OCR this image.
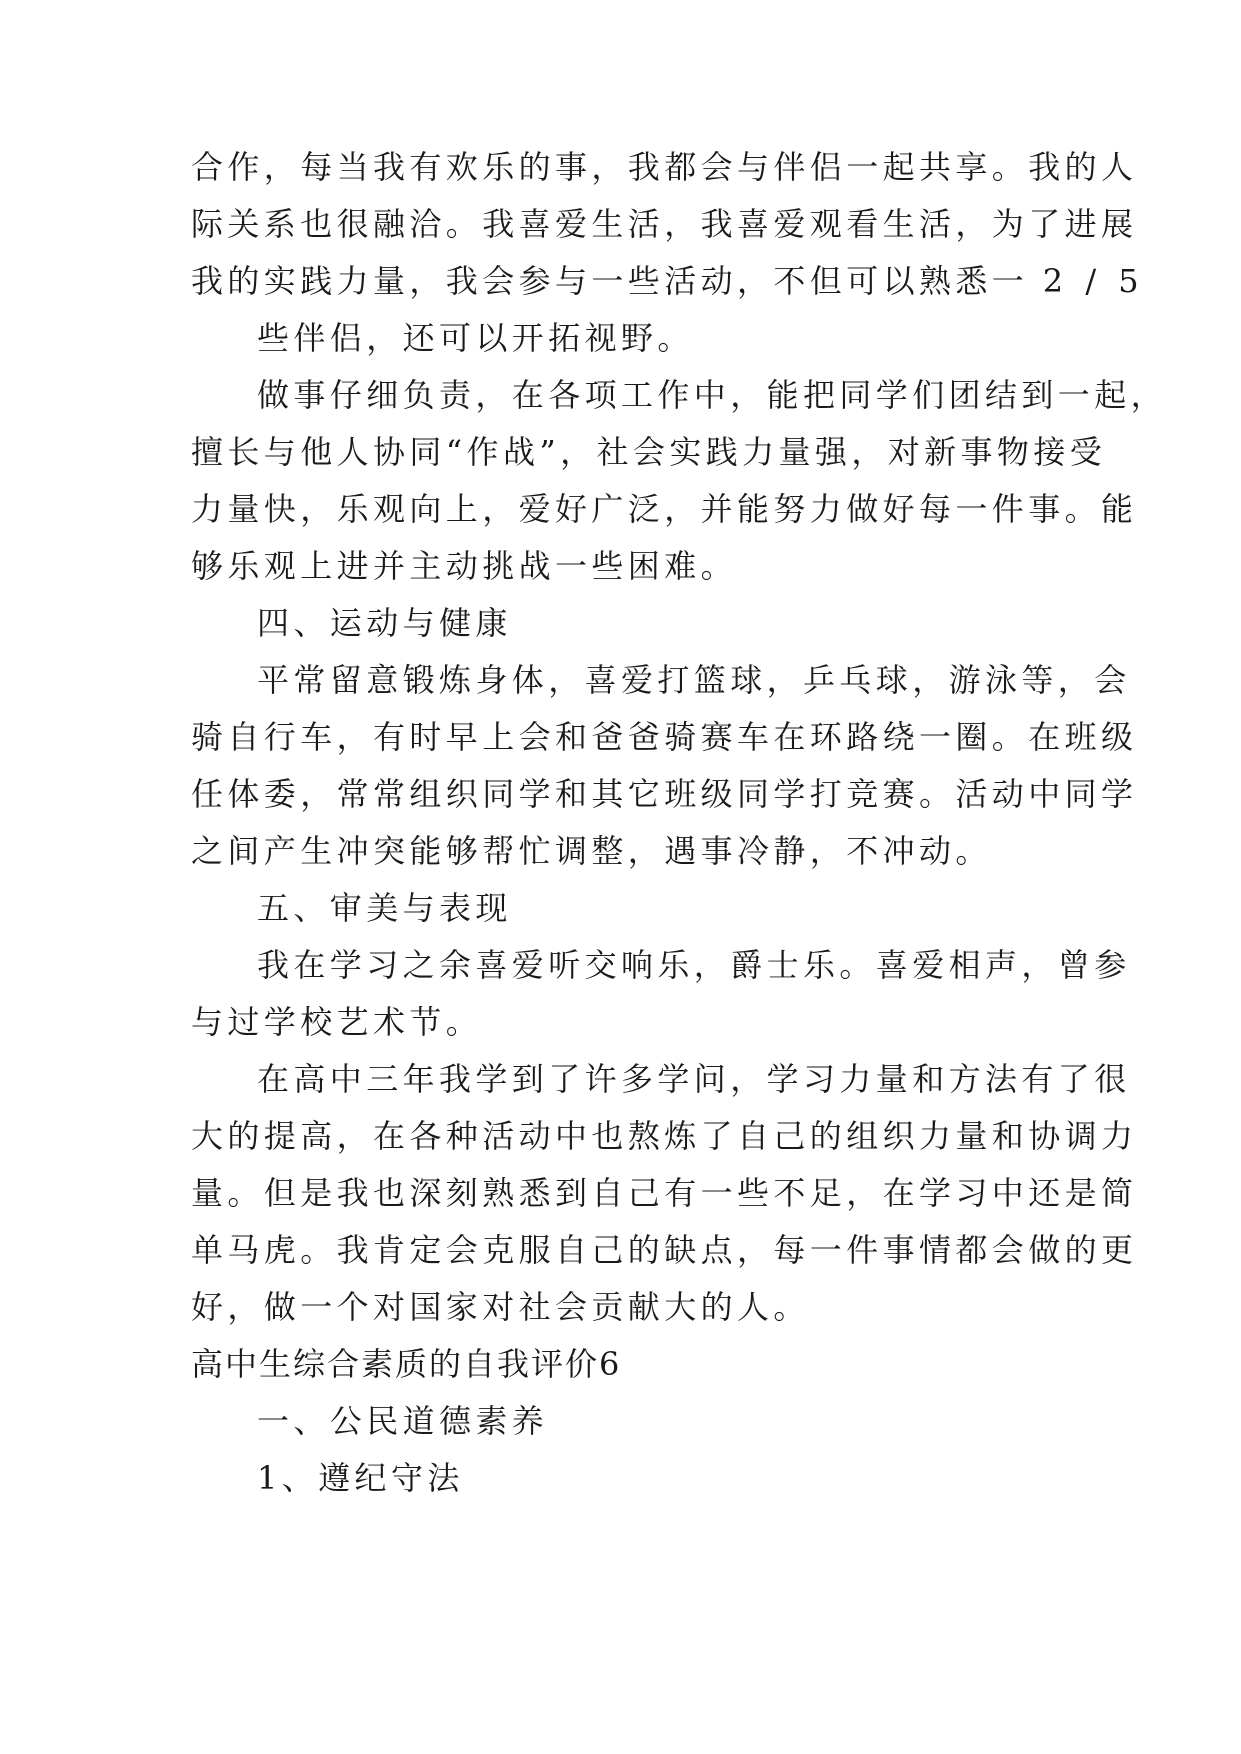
合作，每当我有欢乐的事，我都会与伴侣一起共享。我的人
际关系也很融洽。我喜爱生活，我喜爱观看生活，为了进展
我的实践力量，我会参与一些活动，不但可以熟悉一 2 / 5
些伴侣，还可以开拓视野。
做事仔细负责，在各项工作中，能把同学们团结到一起，
擅长与他人协同“作战”，社会实践力量强，对新事物接受
力量快，乐观向上，爱好广泛，并能努力做好每一件事。能
够乐观上进并主动挑战一些困难。
四、运动与健康
平常留意锻炼身体，喜爱打篮球，乒乓球，游泳等，会
骑自行车，有时早上会和爸爸骑赛车在环路绕一圈。在班级
任体委，常常组织同学和其它班级同学打竞赛。活动中同学
之间产生冲突能够帮忙调整，遇事冷静，不冲动。
五、审美与表现
我在学习之余喜爱听交响乐，爵士乐。喜爱相声，曾参
与过学校艺术节。
在高中三年我学到了许多学问，学习力量和方法有了很
大的提高，在各种活动中也熬炼了自己的组织力量和协调力
量。但是我也深刻熟悉到自己有一些不足，在学习中还是简
单马虎。我肯定会克服自己的缺点，每一件事情都会做的更
好，做一个对国家对社会贡献大的人。
高中生综合素质的自我评价6
一、公民道德素养
1、遵纪守法
